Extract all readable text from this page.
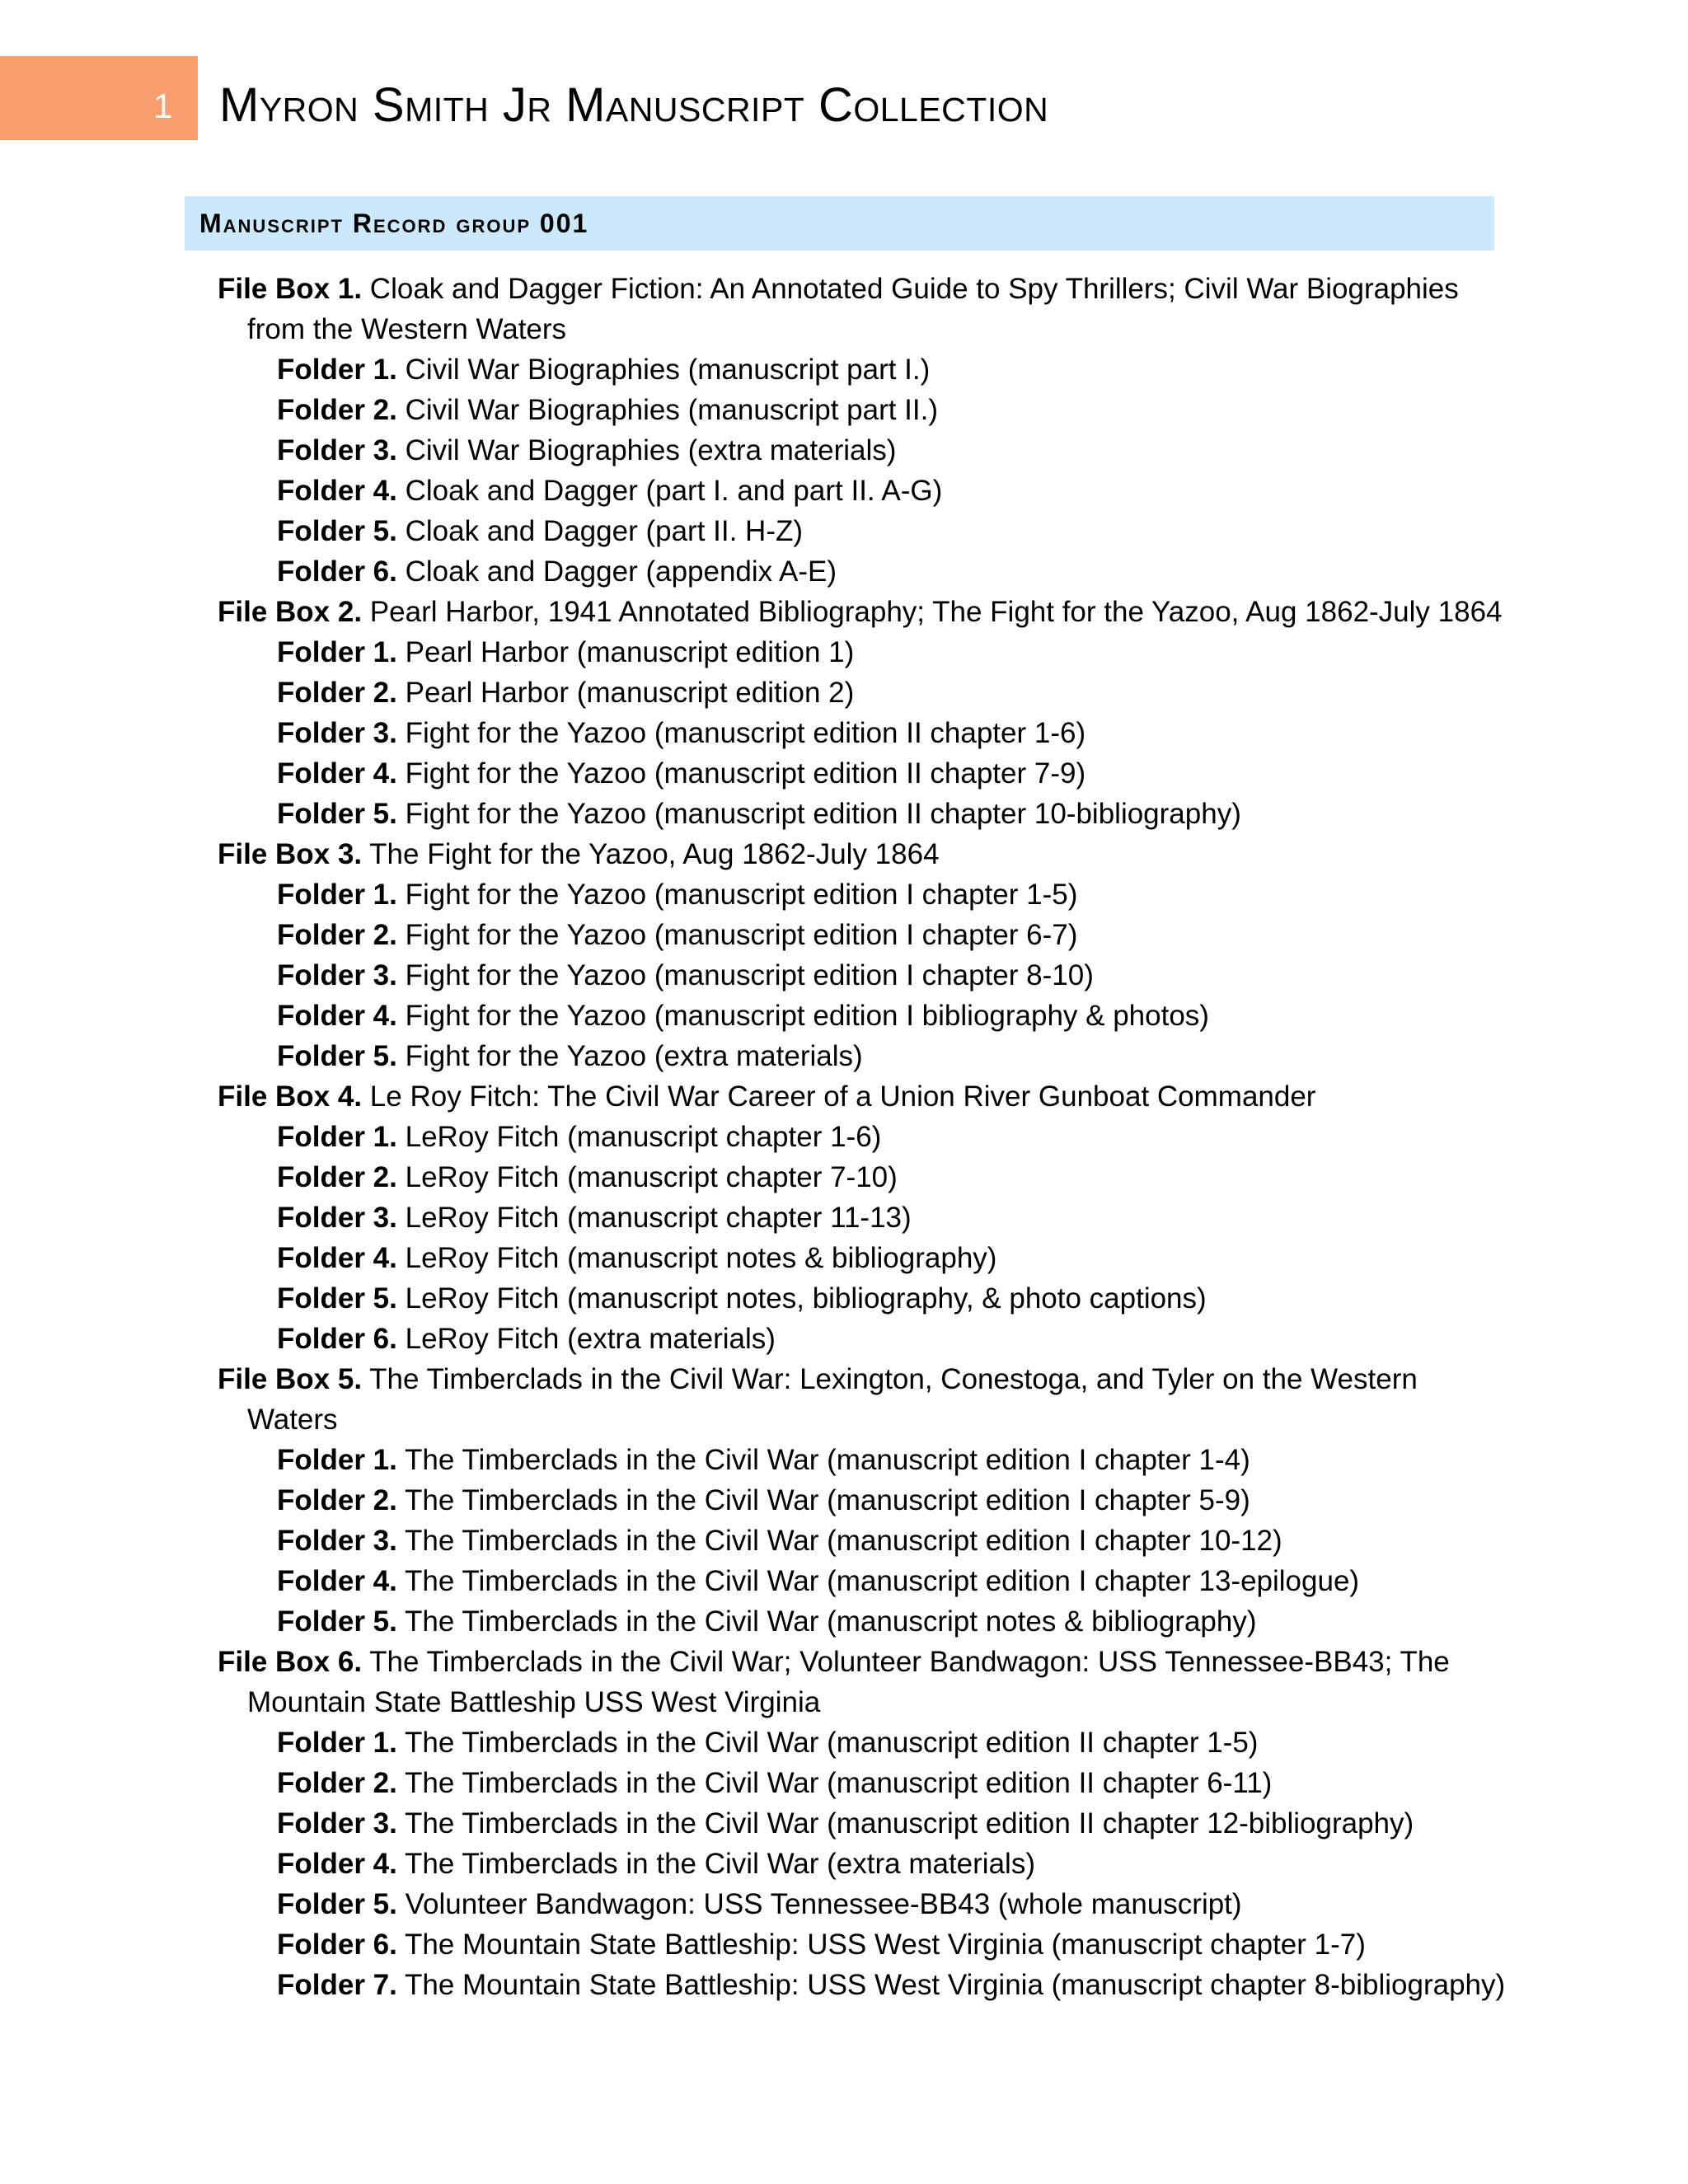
1 Myron Smith Jr Manuscript Collection
Manuscript Record group 001
File Box 1. Cloak and Dagger Fiction: An Annotated Guide to Spy Thrillers; Civil War Biographies from the Western Waters
Folder 1. Civil War Biographies (manuscript part I.)
Folder 2. Civil War Biographies (manuscript part II.)
Folder 3. Civil War Biographies (extra materials)
Folder 4. Cloak and Dagger (part I. and part II. A-G)
Folder 5. Cloak and Dagger (part II. H-Z)
Folder 6. Cloak and Dagger (appendix A-E)
File Box 2. Pearl Harbor, 1941 Annotated Bibliography; The Fight for the Yazoo, Aug 1862-July 1864
Folder 1. Pearl Harbor (manuscript edition 1)
Folder 2. Pearl Harbor (manuscript edition 2)
Folder 3. Fight for the Yazoo (manuscript edition II chapter 1-6)
Folder 4. Fight for the Yazoo (manuscript edition II chapter 7-9)
Folder 5. Fight for the Yazoo (manuscript edition II chapter 10-bibliography)
File Box 3. The Fight for the Yazoo, Aug 1862-July 1864
Folder 1. Fight for the Yazoo (manuscript edition I chapter 1-5)
Folder 2. Fight for the Yazoo (manuscript edition I chapter 6-7)
Folder 3. Fight for the Yazoo (manuscript edition I chapter 8-10)
Folder 4. Fight for the Yazoo (manuscript edition I bibliography & photos)
Folder 5. Fight for the Yazoo (extra materials)
File Box 4. Le Roy Fitch: The Civil War Career of a Union River Gunboat Commander
Folder 1. LeRoy Fitch (manuscript chapter 1-6)
Folder 2. LeRoy Fitch (manuscript chapter 7-10)
Folder 3. LeRoy Fitch (manuscript chapter 11-13)
Folder 4. LeRoy Fitch (manuscript notes & bibliography)
Folder 5. LeRoy Fitch (manuscript notes, bibliography, & photo captions)
Folder 6. LeRoy Fitch (extra materials)
File Box 5. The Timberclads in the Civil War: Lexington, Conestoga, and Tyler on the Western Waters
Folder 1. The Timberclads in the Civil War (manuscript edition I chapter 1-4)
Folder 2. The Timberclads in the Civil War (manuscript edition I chapter 5-9)
Folder 3. The Timberclads in the Civil War (manuscript edition I chapter 10-12)
Folder 4. The Timberclads in the Civil War (manuscript edition I chapter 13-epilogue)
Folder 5. The Timberclads in the Civil War (manuscript notes & bibliography)
File Box 6. The Timberclads in the Civil War; Volunteer Bandwagon: USS Tennessee-BB43; The Mountain State Battleship USS West Virginia
Folder 1. The Timberclads in the Civil War (manuscript edition II chapter 1-5)
Folder 2. The Timberclads in the Civil War (manuscript edition II chapter 6-11)
Folder 3. The Timberclads in the Civil War (manuscript edition II chapter 12-bibliography)
Folder 4. The Timberclads in the Civil War (extra materials)
Folder 5. Volunteer Bandwagon: USS Tennessee-BB43 (whole manuscript)
Folder 6. The Mountain State Battleship: USS West Virginia (manuscript chapter 1-7)
Folder 7. The Mountain State Battleship: USS West Virginia (manuscript chapter 8-bibliography)
